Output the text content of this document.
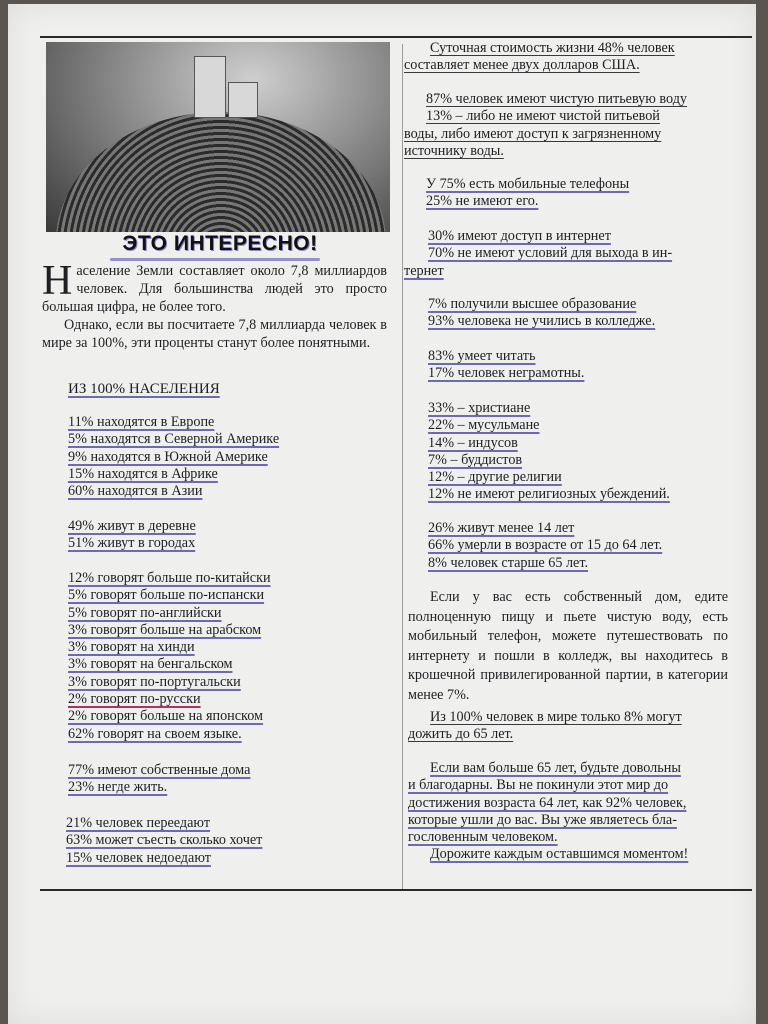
ЭТО ИНТЕРЕСНО!

Население Земли составляет около 7,8 миллиардов человек. Для большинства людей это просто большая цифра, не более того.

Однако, если вы посчитаете 7,8 миллиарда человек в мире за 100%, эти проценты станут более понятными.

ИЗ 100% НАСЕЛЕНИЯ
11% находятся в Европе
5% находятся в Северной Америке
9% находятся в Южной Америке
15% находятся в Африке
60% находятся в Азии
49% живут в деревне
51% живут в городах
12% говорят больше по-китайски
5% говорят больше по-испански
5% говорят по-английски
3% говорят больше на арабском
3% говорят на хинди
3% говорят на бенгальском
3% говорят по-португальски
2% говорят по-русски
2% говорят больше на японском
62% говорят на своем языке.
77% имеют собственные дома
23% негде жить.
21% человек переедают
63% может съесть сколько хочет
15% человек недоедают
Суточная стоимость жизни 48% человек
составляет менее двух долларов США.
87% человек имеют чистую питьевую воду
13% – либо не имеют чистой питьевой
воды, либо имеют доступ к загрязненному
источнику воды.
У 75% есть мобильные телефоны
25% не имеют его.
30% имеют доступ в интернет
70% не имеют условий для выхода в ин-
тернет
7% получили высшее образование
93% человека не учились в колледже.
83% умеет читать
17% человек неграмотны.
33% – христиане
22% – мусульмане
14% – индусов
7% – буддистов
12% – другие религии
12% не имеют религиозных убеждений.
26% живут менее 14 лет
66% умерли в возрасте от 15 до 64 лет.
8% человек старше 65 лет.
Если у вас есть собственный дом, едите полноценную пищу и пьете чистую воду, есть мобильный телефон, можете путешествовать по интернету и пошли в колледж, вы находитесь в крошечной привилегированной партии, в категории менее 7%.
Из 100% человек в мире только 8% могут
дожить до 65 лет.
Если вам больше 65 лет, будьте довольны
и благодарны. Вы не покинули этот мир до
достижения возраста 64 лет, как 92% человек,
которые ушли до вас. Вы уже являетесь бла-
гословенным человеком.
Дорожите каждым оставшимся моментом!
